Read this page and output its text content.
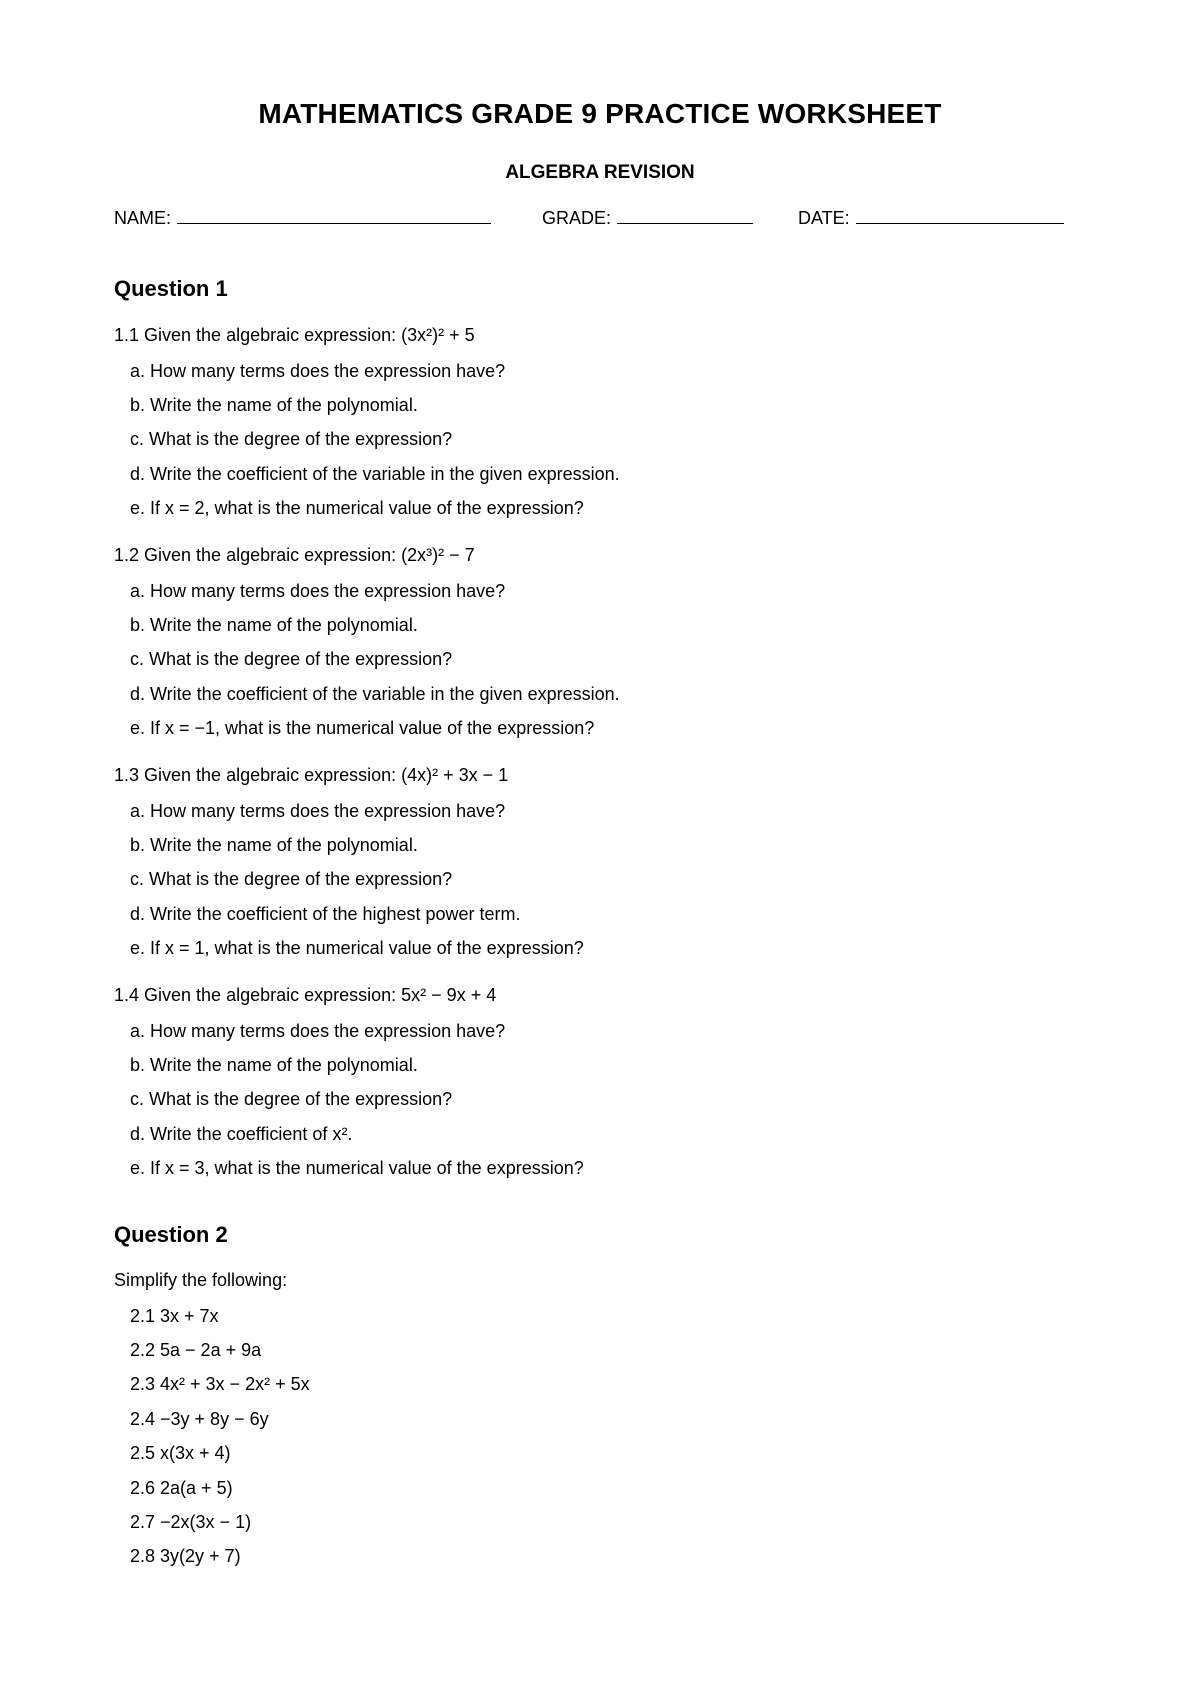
MATHEMATICS GRADE 9 PRACTICE WORKSHEET
ALGEBRA REVISION
NAME:	GRADE:	DATE:
Question 1
1.1 Given the algebraic expression: (3x²)² + 5
a. How many terms does the expression have?
b. Write the name of the polynomial.
c. What is the degree of the expression?
d. Write the coefficient of the variable in the given expression.
e. If x = 2, what is the numerical value of the expression?
1.2 Given the algebraic expression: (2x³)² − 7
a. How many terms does the expression have?
b. Write the name of the polynomial.
c. What is the degree of the expression?
d. Write the coefficient of the variable in the given expression.
e. If x = −1, what is the numerical value of the expression?
1.3 Given the algebraic expression: (4x)² + 3x − 1
a. How many terms does the expression have?
b. Write the name of the polynomial.
c. What is the degree of the expression?
d. Write the coefficient of the highest power term.
e. If x = 1, what is the numerical value of the expression?
1.4 Given the algebraic expression: 5x² − 9x + 4
a. How many terms does the expression have?
b. Write the name of the polynomial.
c. What is the degree of the expression?
d. Write the coefficient of x².
e. If x = 3, what is the numerical value of the expression?
Question 2
Simplify the following:
2.1 3x + 7x
2.2 5a − 2a + 9a
2.3 4x² + 3x − 2x² + 5x
2.4 −3y + 8y − 6y
2.5 x(3x + 4)
2.6 2a(a + 5)
2.7 −2x(3x − 1)
2.8 3y(2y + 7)
